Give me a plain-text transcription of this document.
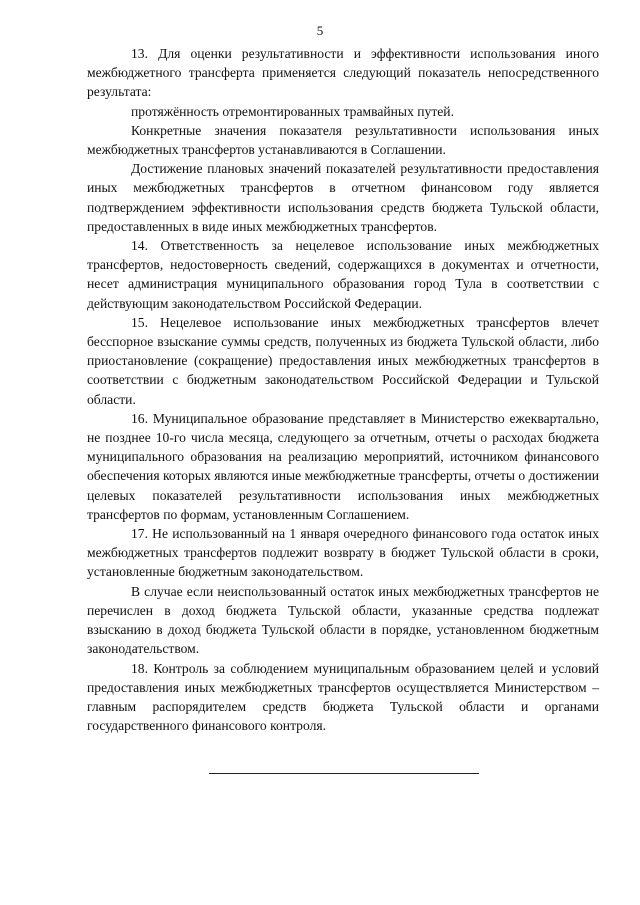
5

13. Для оценки результативности и эффективности использования иного межбюджетного трансферта применяется следующий показатель непосредственного результата:

протяжённость отремонтированных трамвайных путей.

Конкретные значения показателя результативности использования иных межбюджетных трансфертов устанавливаются в Соглашении.

Достижение плановых значений показателей результативности предоставления иных межбюджетных трансфертов в отчетном финансовом году является подтверждением эффективности использования средств бюджета Тульской области, предоставленных в виде иных межбюджетных трансфертов.

14. Ответственность за нецелевое использование иных межбюджетных трансфертов, недостоверность сведений, содержащихся в документах и отчетности, несет администрация муниципального образования город Тула в соответствии с действующим законодательством Российской Федерации.

15. Нецелевое использование иных межбюджетных трансфертов влечет бесспорное взыскание суммы средств, полученных из бюджета Тульской области, либо приостановление (сокращение) предоставления иных межбюджетных трансфертов в соответствии с бюджетным законодательством Российской Федерации и Тульской области.

16. Муниципальное образование представляет в Министерство ежеквартально, не позднее 10-го числа месяца, следующего за отчетным, отчеты о расходах бюджета муниципального образования на реализацию мероприятий, источником финансового обеспечения которых являются иные межбюджетные трансферты, отчеты о достижении целевых показателей результативности использования иных межбюджетных трансфертов по формам, установленным Соглашением.

17. Не использованный на 1 января очередного финансового года остаток иных межбюджетных трансфертов подлежит возврату в бюджет Тульской области в сроки, установленные бюджетным законодательством.

В случае если неиспользованный остаток иных межбюджетных трансфертов не перечислен в доход бюджета Тульской области, указанные средства подлежат взысканию в доход бюджета Тульской области в порядке, установленном бюджетным законодательством.

18. Контроль за соблюдением муниципальным образованием целей и условий предоставления иных межбюджетных трансфертов осуществляется Министерством – главным распорядителем средств бюджета Тульской области и органами государственного финансового контроля.
